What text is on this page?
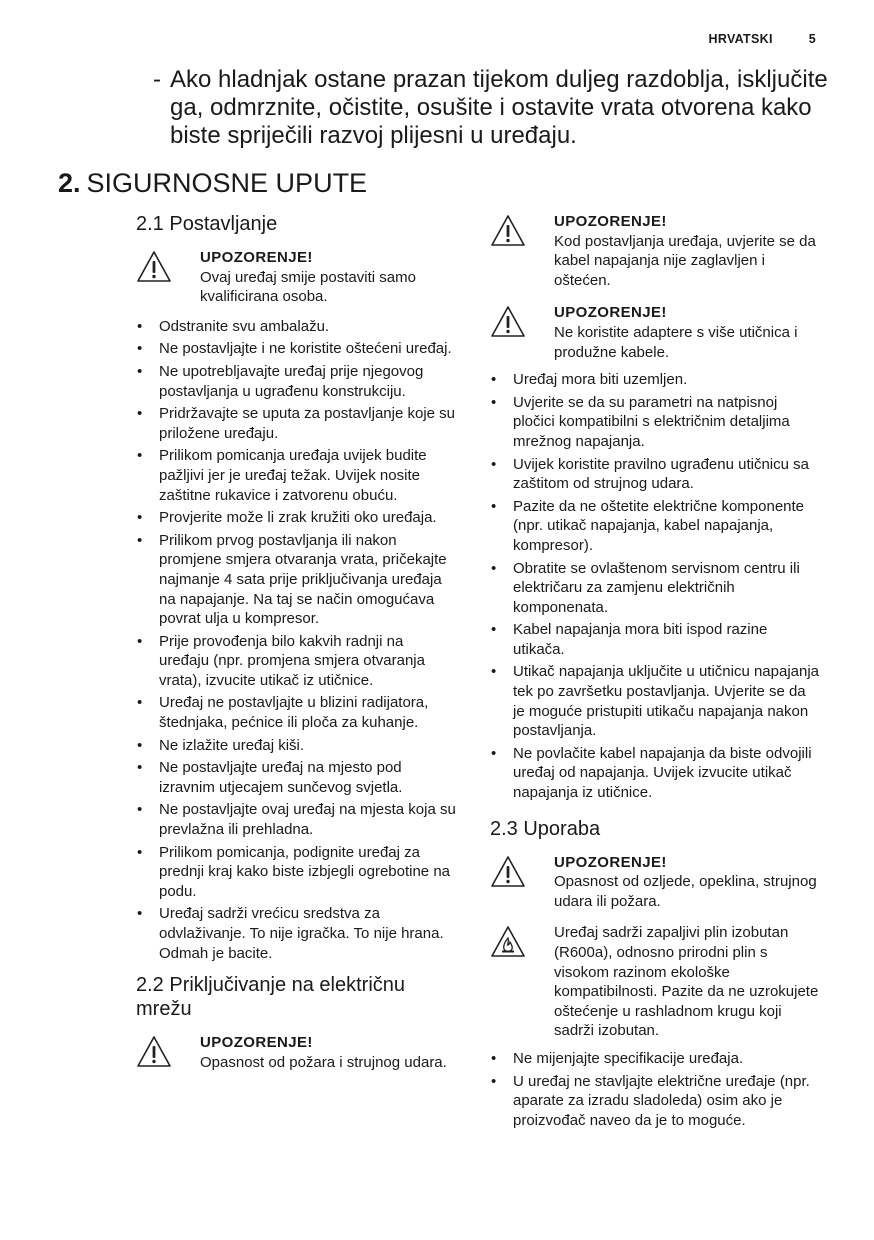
HRVATSKI	5
- Ako hladnjak ostane prazan tijekom duljeg razdoblja, isključite ga, odmrznite, očistite, osušite i ostavite vrata otvorena kako biste spriječili razvoj plijesni u uređaju.
2. SIGURNOSNE UPUTE
2.1 Postavljanje
UPOZORENJE!
Ovaj uređaj smije postaviti samo kvalificirana osoba.
• Odstranite svu ambalažu.
• Ne postavljajte i ne koristite oštećeni uređaj.
• Ne upotrebljavajte uređaj prije njegovog postavljanja u ugrađenu konstrukciju.
• Pridržavajte se uputa za postavljanje koje su priložene uređaju.
• Prilikom pomicanja uređaja uvijek budite pažljivi jer je uređaj težak. Uvijek nosite zaštitne rukavice i zatvorenu obuću.
• Provjerite može li zrak kružiti oko uređaja.
• Prilikom prvog postavljanja ili nakon promjene smjera otvaranja vrata, pričekajte najmanje 4 sata prije priključivanja uređaja na napajanje. Na taj se način omogućava povrat ulja u kompresor.
• Prije provođenja bilo kakvih radnji na uređaju (npr. promjena smjera otvaranja vrata), izvucite utikač iz utičnice.
• Uređaj ne postavljajte u blizini radijatora, štednjaka, pećnice ili ploča za kuhanje.
• Ne izlažite uređaj kiši.
• Ne postavljajte uređaj na mjesto pod izravnim utjecajem sunčevog svjetla.
• Ne postavljajte ovaj uređaj na mjesta koja su prevlažna ili prehladna.
• Prilikom pomicanja, podignite uređaj za prednji kraj kako biste izbjegli ogrebotine na podu.
• Uređaj sadrži vrećicu sredstva za odvlaživanje. To nije igračka. To nije hrana. Odmah je bacite.
2.2 Priključivanje na električnu mrežu
UPOZORENJE!
Opasnost od požara i strujnog udara.
UPOZORENJE!
Kod postavljanja uređaja, uvjerite se da kabel napajanja nije zaglavljen i oštećen.
UPOZORENJE!
Ne koristite adaptere s više utičnica i produžne kabele.
• Uređaj mora biti uzemljen.
• Uvjerite se da su parametri na natpisnoj pločici kompatibilni s električnim detaljima mrežnog napajanja.
• Uvijek koristite pravilno ugrađenu utičnicu sa zaštitom od strujnog udara.
• Pazite da ne oštetite električne komponente (npr. utikač napajanja, kabel napajanja, kompresor).
• Obratite se ovlaštenom servisnom centru ili električaru za zamjenu električnih komponenata.
• Kabel napajanja mora biti ispod razine utikača.
• Utikač napajanja uključite u utičnicu napajanja tek po završetku postavljanja. Uvjerite se da je moguće pristupiti utikaču napajanja nakon postavljanja.
• Ne povlačite kabel napajanja da biste odvojili uređaj od napajanja. Uvijek izvucite utikač napajanja iz utičnice.
2.3 Uporaba
UPOZORENJE!
Opasnost od ozljede, opeklina, strujnog udara ili požara.
Uređaj sadrži zapaljivi plin izobutan (R600a), odnosno prirodni plin s visokom razinom ekološke kompatibilnosti. Pazite da ne uzrokujete oštećenje u rashladnom krugu koji sadrži izobutan.
• Ne mijenjajte specifikacije uređaja.
• U uređaj ne stavljajte električne uređaje (npr. aparate za izradu sladoleda) osim ako je proizvođač naveo da je to moguće.
